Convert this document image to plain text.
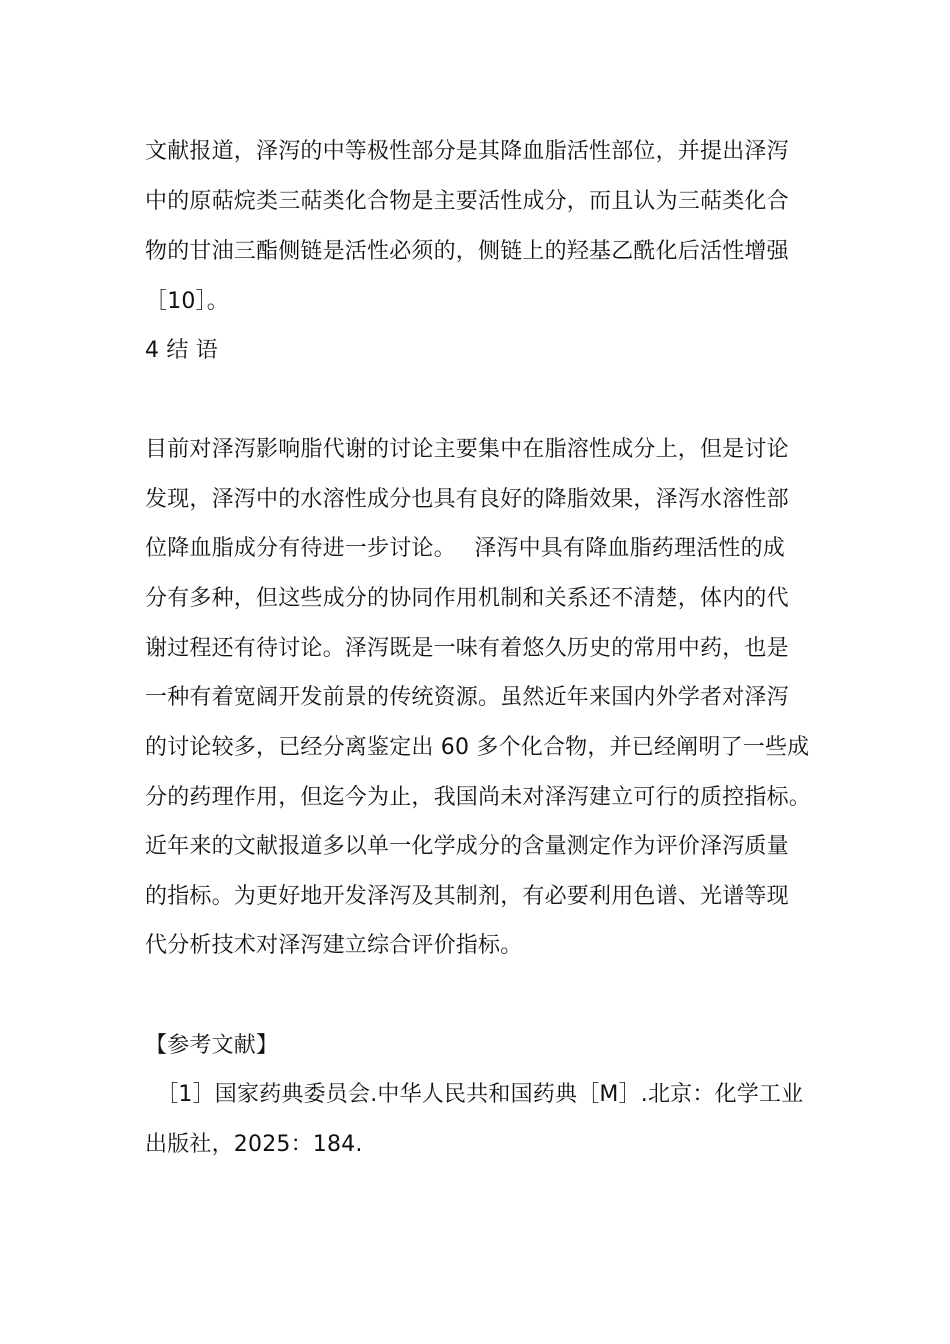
文献报道，泽泻的中等极性部分是其降血脂活性部位，并提出泽泻
中的原萜烷类三萜类化合物是主要活性成分，而且认为三萜类化合
物的甘油三酯侧链是活性必须的，侧链上的羟基乙酰化后活性增强
［10］。
4 结 语
目前对泽泻影响脂代谢的讨论主要集中在脂溶性成分上，但是讨论
发现，泽泻中的水溶性成分也具有良好的降脂效果，泽泻水溶性部
位降血脂成分有待进一步讨论。　 泽泻中具有降血脂药理活性的成
分有多种，但这些成分的协同作用机制和关系还不清楚，体内的代
谢过程还有待讨论。泽泻既是一味有着悠久历史的常用中药，也是
一种有着宽阔开发前景的传统资源。虽然近年来国内外学者对泽泻
的讨论较多，已经分离鉴定出 60 多个化合物，并已经阐明了一些成
分的药理作用，但迄今为止，我国尚未对泽泻建立可行的质控指标。
近年来的文献报道多以单一化学成分的含量测定作为评价泽泻质量
的指标。为更好地开发泽泻及其制剂，有必要利用色谱、光谱等现
代分析技术对泽泻建立综合评价指标。
【参考文献】
　［1］国家药典委员会.中华人民共和国药典［M］.北京：化学工业
出版社，2025：184.
